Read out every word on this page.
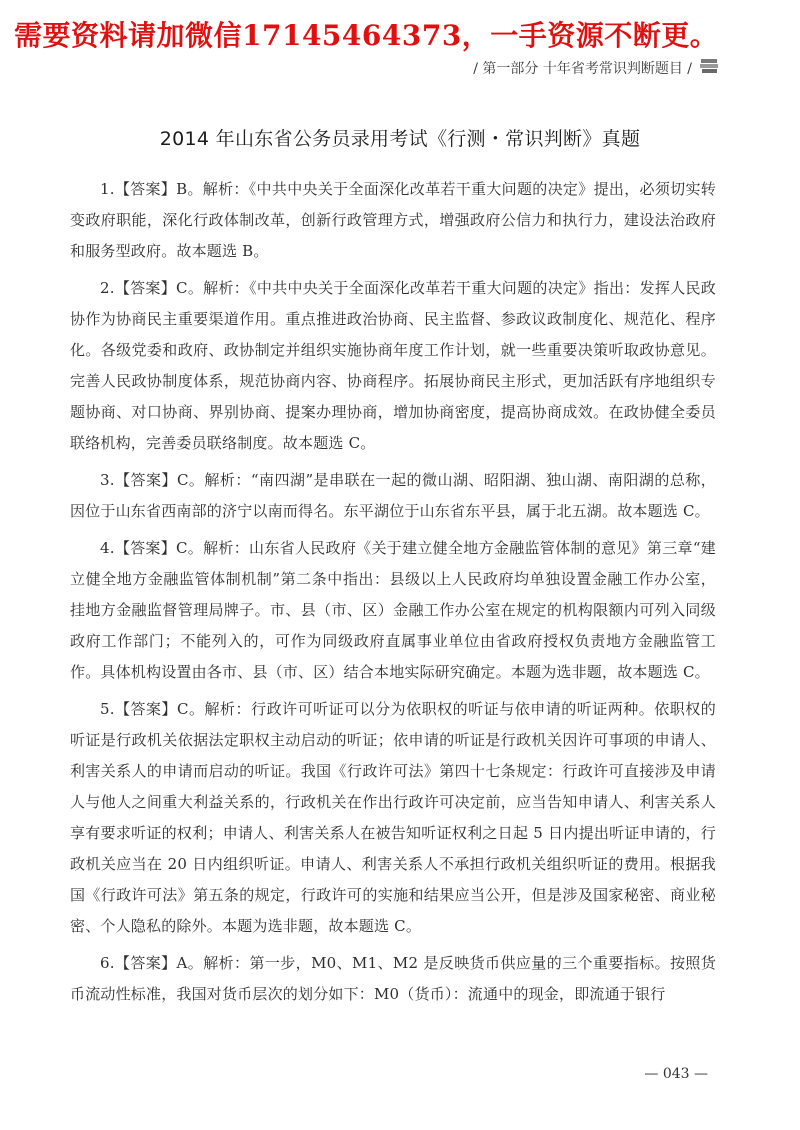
需要资料请加微信17145464373，一手资源不断更。
/ 第一部分 十年省考常识判断题目 /
2014 年山东省公务员录用考试《行测・常识判断》真题

1.【答案】B。解析：《中共中央关于全面深化改革若干重大问题的决定》提出，必须切实转变政府职能，深化行政体制改革，创新行政管理方式，增强政府公信力和执行力，建设法治政府和服务型政府。故本题选 B。

2.【答案】C。解析：《中共中央关于全面深化改革若干重大问题的决定》指出：发挥人民政协作为协商民主重要渠道作用。重点推进政治协商、民主监督、参政议政制度化、规范化、程序化。各级党委和政府、政协制定并组织实施协商年度工作计划，就一些重要决策听取政协意见。完善人民政协制度体系，规范协商内容、协商程序。拓展协商民主形式，更加活跃有序地组织专题协商、对口协商、界别协商、提案办理协商，增加协商密度，提高协商成效。在政协健全委员联络机构，完善委员联络制度。故本题选 C。

3.【答案】C。解析：“南四湖”是串联在一起的微山湖、昭阳湖、独山湖、南阳湖的总称，因位于山东省西南部的济宁以南而得名。东平湖位于山东省东平县，属于北五湖。故本题选 C。

4.【答案】C。解析：山东省人民政府《关于建立健全地方金融监管体制的意见》第三章“建立健全地方金融监管体制机制”第二条中指出：县级以上人民政府均单独设置金融工作办公室，挂地方金融监督管理局牌子。市、县（市、区）金融工作办公室在规定的机构限额内可列入同级政府工作部门；不能列入的，可作为同级政府直属事业单位由省政府授权负责地方金融监管工作。具体机构设置由各市、县（市、区）结合本地实际研究确定。本题为选非题，故本题选 C。

5.【答案】C。解析：行政许可听证可以分为依职权的听证与依申请的听证两种。依职权的听证是行政机关依据法定职权主动启动的听证；依申请的听证是行政机关因许可事项的申请人、利害关系人的申请而启动的听证。我国《行政许可法》第四十七条规定：行政许可直接涉及申请人与他人之间重大利益关系的，行政机关在作出行政许可决定前，应当告知申请人、利害关系人享有要求听证的权利；申请人、利害关系人在被告知听证权利之日起 5 日内提出听证申请的，行政机关应当在 20 日内组织听证。申请人、利害关系人不承担行政机关组织听证的费用。根据我国《行政许可法》第五条的规定，行政许可的实施和结果应当公开，但是涉及国家秘密、商业秘密、个人隐私的除外。本题为选非题，故本题选 C。

6.【答案】A。解析：第一步，M0、M1、M2 是反映货币供应量的三个重要指标。按照货币流动性标准，我国对货币层次的划分如下：M0（货币）：流通中的现金，即流通于银行

— 043 —
